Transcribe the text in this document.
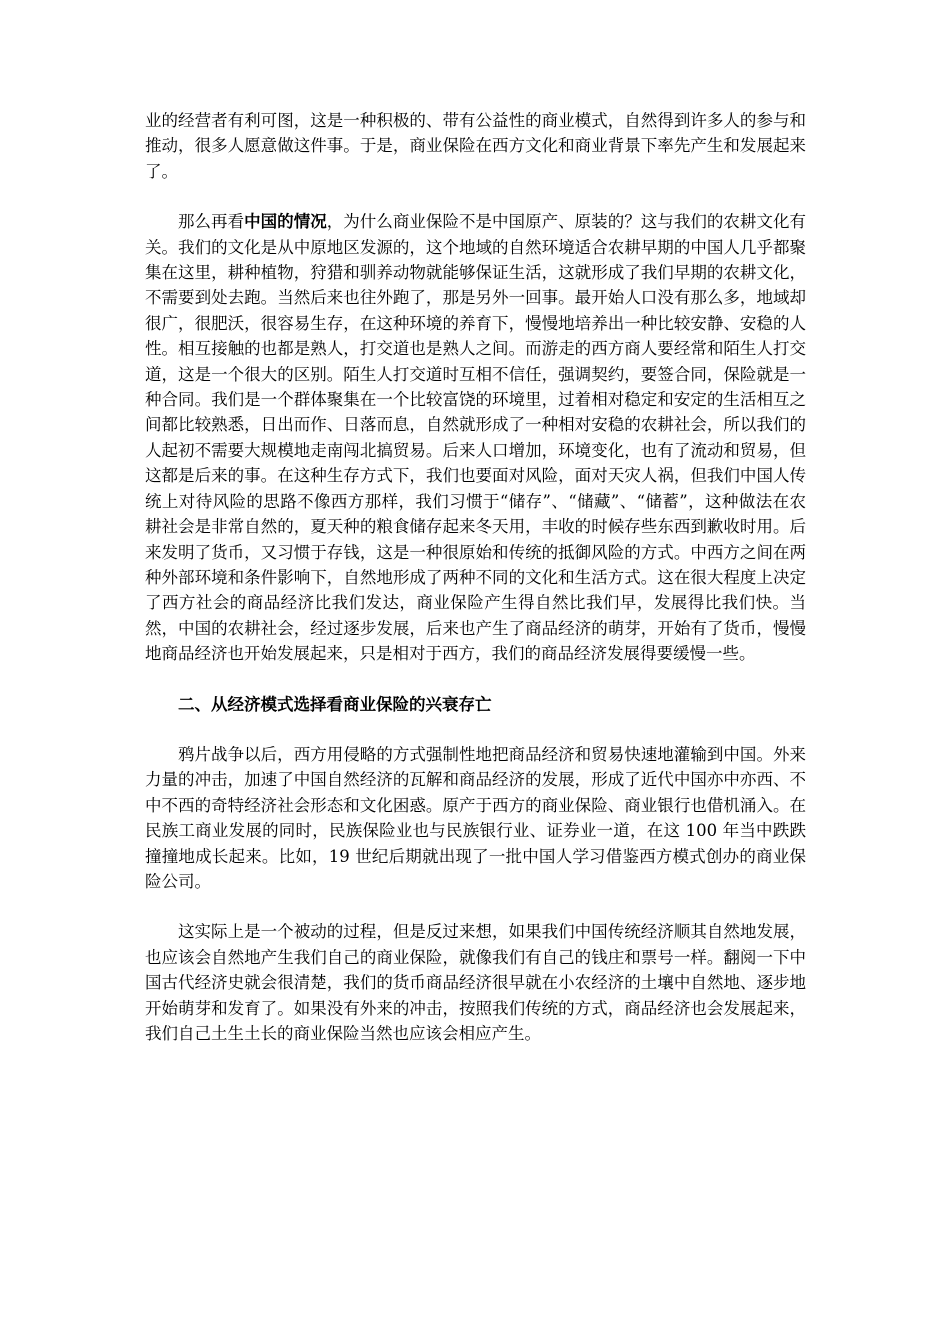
业的经营者有利可图，这是一种积极的、带有公益性的商业模式，自然得到许多人的参与和推动，很多人愿意做这件事。于是，商业保险在西方文化和商业背景下率先产生和发展起来了。

那么再看中国的情况，为什么商业保险不是中国原产、原装的？这与我们的农耕文化有关。我们的文化是从中原地区发源的，这个地域的自然环境适合农耕早期的中国人几乎都聚集在这里，耕种植物，狩猎和驯养动物就能够保证生活，这就形成了我们早期的农耕文化，不需要到处去跑。当然后来也往外跑了，那是另外一回事。最开始人口没有那么多，地域却很广，很肥沃，很容易生存，在这种环境的养育下，慢慢地培养出一种比较安静、安稳的人性。相互接触的也都是熟人，打交道也是熟人之间。而游走的西方商人要经常和陌生人打交道，这是一个很大的区别。陌生人打交道时互相不信任，强调契约，要签合同，保险就是一种合同。我们是一个群体聚集在一个比较富饶的环境里，过着相对稳定和安定的生活相互之间都比较熟悉，日出而作、日落而息，自然就形成了一种相对安稳的农耕社会，所以我们的人起初不需要大规模地走南闯北搞贸易。后来人口增加，环境变化，也有了流动和贸易，但这都是后来的事。在这种生存方式下，我们也要面对风险，面对天灾人祸，但我们中国人传统上对待风险的思路不像西方那样，我们习惯于“储存”、“储藏”、“储蓄”，这种做法在农耕社会是非常自然的，夏天种的粮食储存起来冬天用，丰收的时候存些东西到歉收时用。后来发明了货币，又习惯于存钱，这是一种很原始和传统的抵御风险的方式。中西方之间在两种外部环境和条件影响下，自然地形成了两种不同的文化和生活方式。这在很大程度上决定了西方社会的商品经济比我们发达，商业保险产生得自然比我们早，发展得比我们快。当然，中国的农耕社会，经过逐步发展，后来也产生了商品经济的萌芽，开始有了货币，慢慢地商品经济也开始发展起来，只是相对于西方，我们的商品经济发展得要缓慢一些。

二、从经济模式选择看商业保险的兴衰存亡

鸦片战争以后，西方用侵略的方式强制性地把商品经济和贸易快速地灌输到中国。外来力量的冲击，加速了中国自然经济的瓦解和商品经济的发展，形成了近代中国亦中亦西、不中不西的奇特经济社会形态和文化困惑。原产于西方的商业保险、商业银行也借机涌入。在民族工商业发展的同时，民族保险业也与民族银行业、证券业一道，在这 100 年当中跌跌撞撞地成长起来。比如，19 世纪后期就出现了一批中国人学习借鉴西方模式创办的商业保险公司。

这实际上是一个被动的过程，但是反过来想，如果我们中国传统经济顺其自然地发展，也应该会自然地产生我们自己的商业保险，就像我们有自己的钱庄和票号一样。翻阅一下中国古代经济史就会很清楚，我们的货币商品经济很早就在小农经济的土壤中自然地、逐步地开始萌芽和发育了。如果没有外来的冲击，按照我们传统的方式，商品经济也会发展起来，我们自己土生土长的商业保险当然也应该会相应产生。
